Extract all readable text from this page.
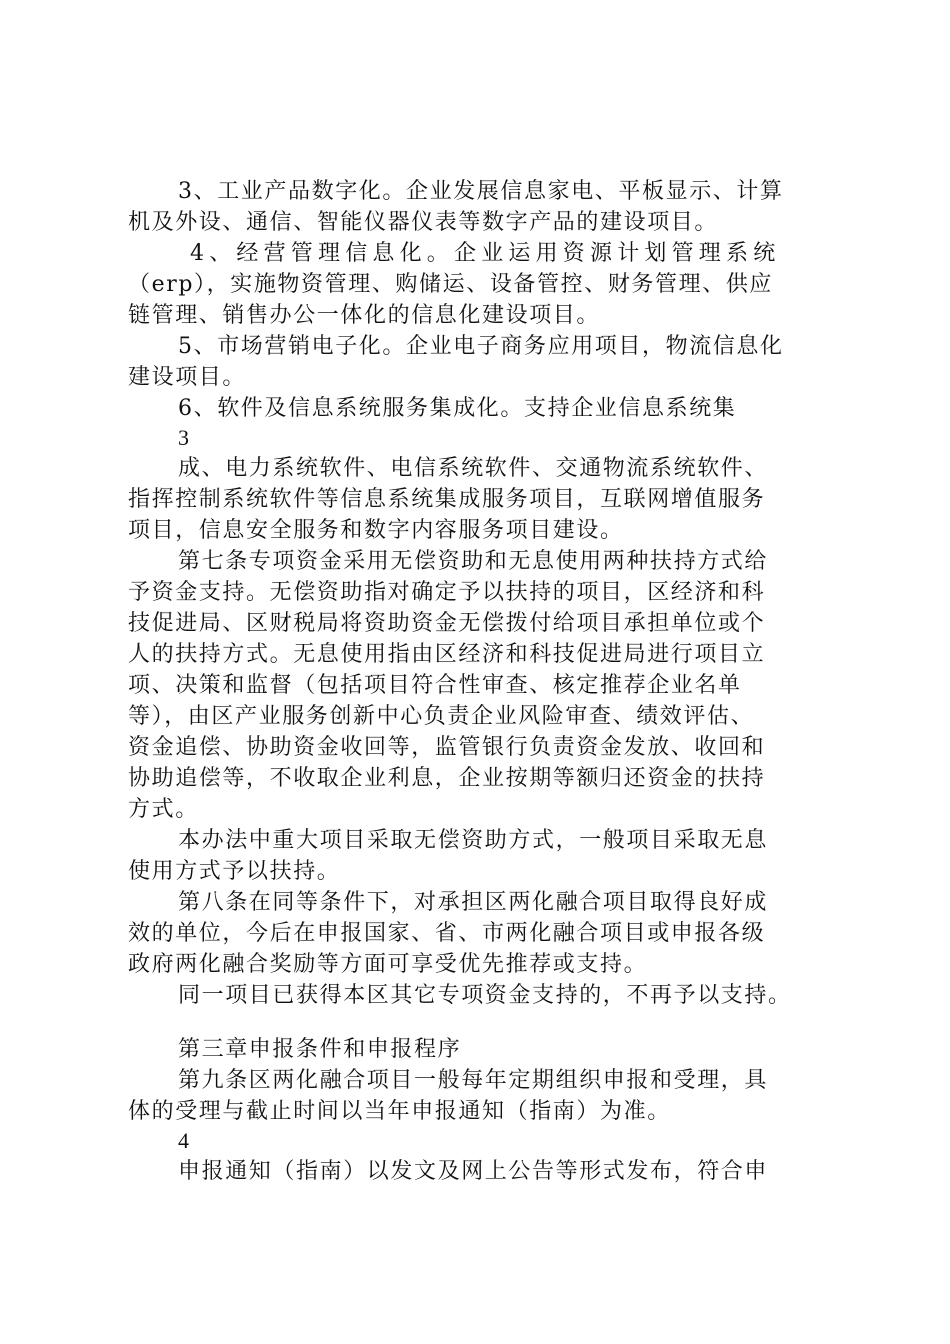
3、工业产品数字化。企业发展信息家电、平板显示、计算
机及外设、通信、智能仪器仪表等数字产品的建设项目。
4、经营管理信息化。企业运用资源计划管理系统
（erp），实施物资管理、购储运、设备管控、财务管理、供应
链管理、销售办公一体化的信息化建设项目。
5、市场营销电子化。企业电子商务应用项目，物流信息化
建设项目。
6、软件及信息系统服务集成化。支持企业信息系统集
3
成、电力系统软件、电信系统软件、交通物流系统软件、
指挥控制系统软件等信息系统集成服务项目，互联网增值服务
项目，信息安全服务和数字内容服务项目建设。
第七条专项资金采用无偿资助和无息使用两种扶持方式给
予资金支持。无偿资助指对确定予以扶持的项目，区经济和科
技促进局、区财税局将资助资金无偿拨付给项目承担单位或个
人的扶持方式。无息使用指由区经济和科技促进局进行项目立
项、决策和监督（包括项目符合性审查、核定推荐企业名单
等），由区产业服务创新中心负责企业风险审查、绩效评估、
资金追偿、协助资金收回等，监管银行负责资金发放、收回和
协助追偿等，不收取企业利息，企业按期等额归还资金的扶持
方式。
本办法中重大项目采取无偿资助方式，一般项目采取无息
使用方式予以扶持。
第八条在同等条件下，对承担区两化融合项目取得良好成
效的单位，今后在申报国家、省、市两化融合项目或申报各级
政府两化融合奖励等方面可享受优先推荐或支持。
同一项目已获得本区其它专项资金支持的，不再予以支持。
第三章申报条件和申报程序
第九条区两化融合项目一般每年定期组织申报和受理，具
体的受理与截止时间以当年申报通知（指南）为准。
4
申报通知（指南）以发文及网上公告等形式发布，符合申
